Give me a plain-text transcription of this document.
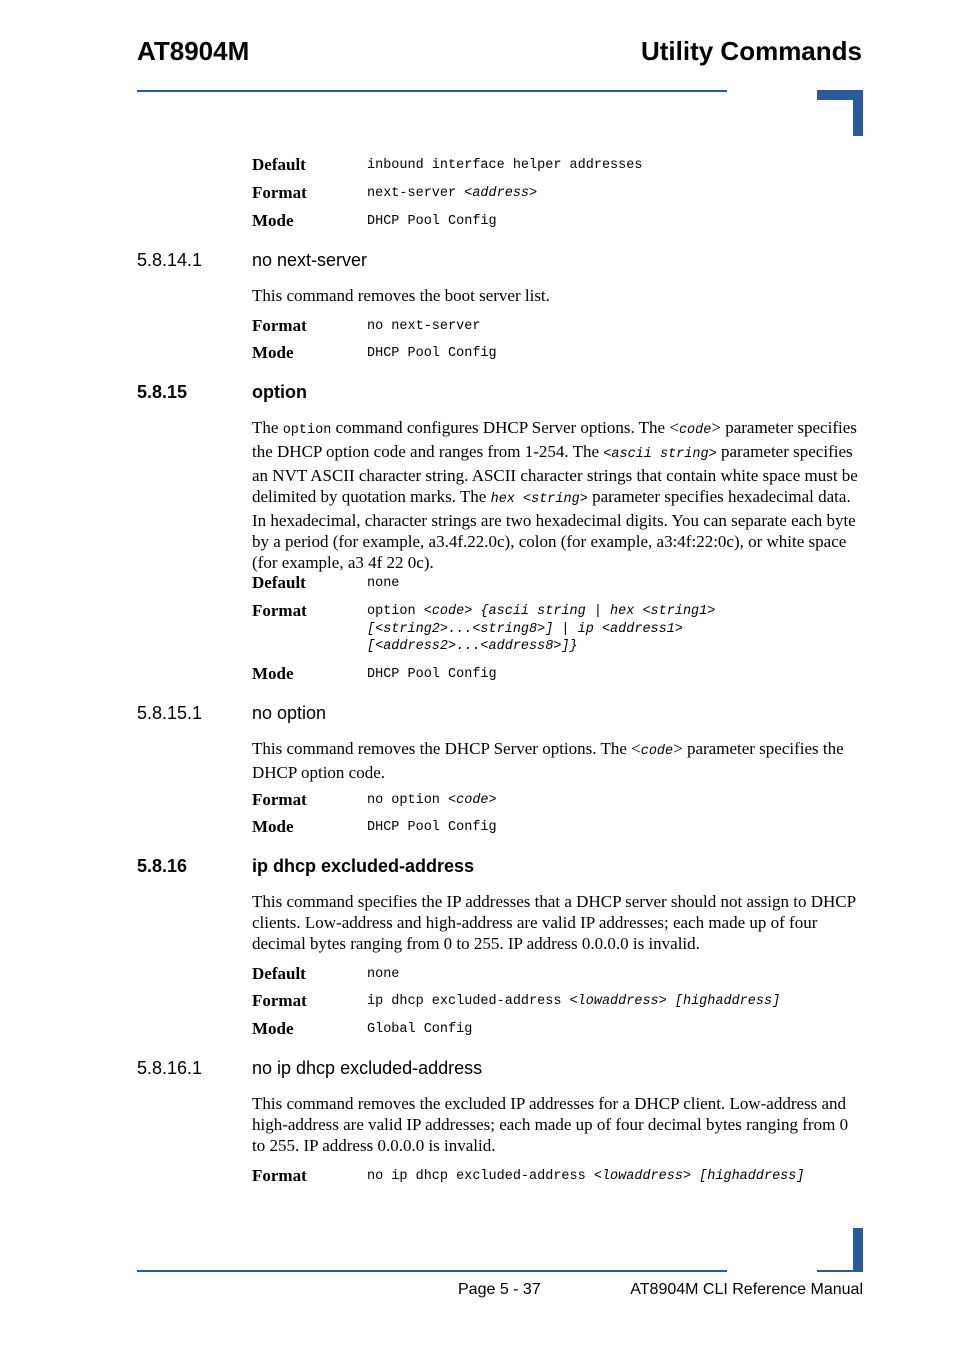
AT8904M	Utility Commands
Default	inbound interface helper addresses
Format	next-server <address>
Mode	DHCP Pool Config
5.8.14.1	no next-server
This command removes the boot server list.
Format	no next-server
Mode	DHCP Pool Config
5.8.15	option
The option command configures DHCP Server options. The <code> parameter specifies the DHCP option code and ranges from 1-254. The <ascii string> parameter specifies an NVT ASCII character string. ASCII character strings that contain white space must be delimited by quotation marks. The hex <string> parameter specifies hexadecimal data. In hexadecimal, character strings are two hexadecimal digits. You can separate each byte by a period (for example, a3.4f.22.0c), colon (for example, a3:4f:22:0c), or white space (for example, a3 4f 22 0c).
Default	none
Format	option <code> {ascii string | hex <string1>
[<string2>...<string8>] | ip <address1>
[<address2>...<address8>]}
Mode	DHCP Pool Config
5.8.15.1	no option
This command removes the DHCP Server options. The <code> parameter specifies the DHCP option code.
Format	no option <code>
Mode	DHCP Pool Config
5.8.16	ip dhcp excluded-address
This command specifies the IP addresses that a DHCP server should not assign to DHCP clients. Low-address and high-address are valid IP addresses; each made up of four decimal bytes ranging from 0 to 255. IP address 0.0.0.0 is invalid.
Default	none
Format	ip dhcp excluded-address <lowaddress> [highaddress]
Mode	Global Config
5.8.16.1	no ip dhcp excluded-address
This command removes the excluded IP addresses for a DHCP client. Low-address and high-address are valid IP addresses; each made up of four decimal bytes ranging from 0 to 255. IP address 0.0.0.0 is invalid.
Format	no ip dhcp excluded-address <lowaddress> [highaddress]
Page 5 - 37	AT8904M CLI Reference Manual
